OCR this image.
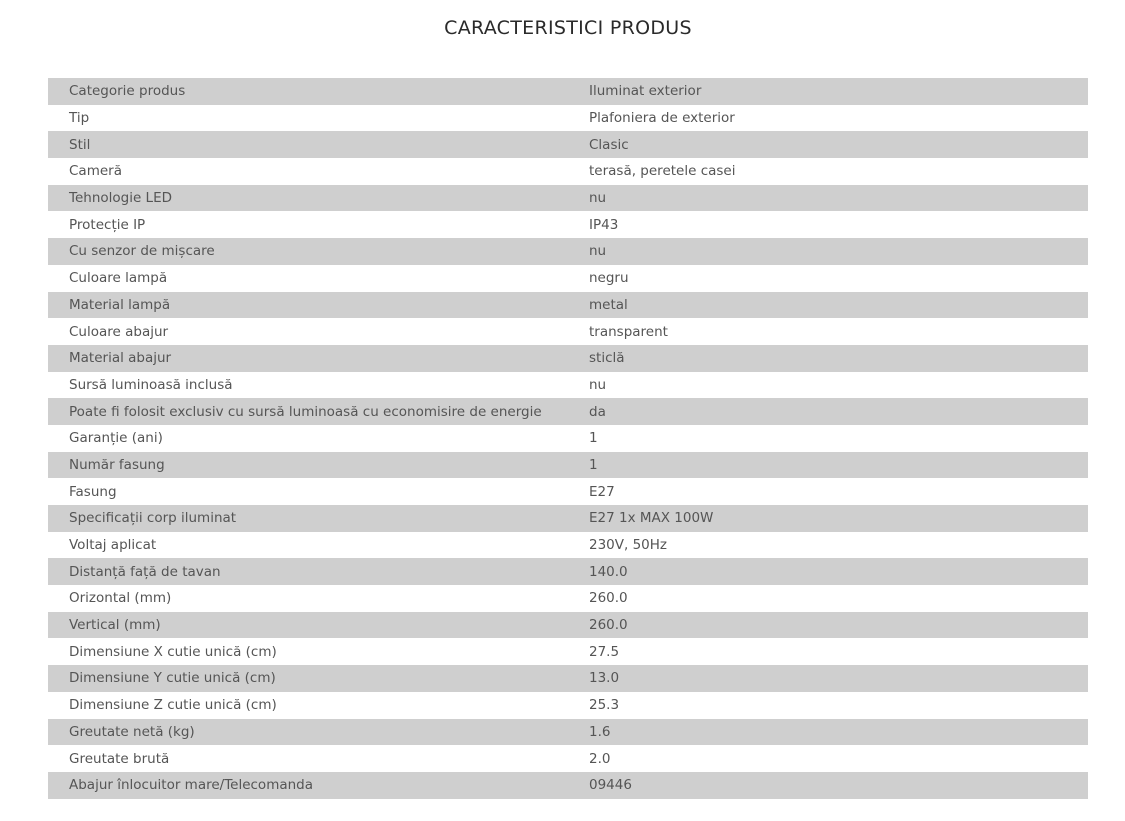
CARACTERISTICI PRODUS
Categorie produs	Iluminat exterior
Tip	Plafoniera de exterior
Stil	Clasic
Cameră	terasă, peretele casei
Tehnologie LED	nu
Protecție IP	IP43
Cu senzor de mișcare	nu
Culoare lampă	negru
Material lampă	metal
Culoare abajur	transparent
Material abajur	sticlă
Sursă luminoasă inclusă	nu
Poate fi folosit exclusiv cu sursă luminoasă cu economisire de energie	da
Garanție (ani)	1
Număr fasung	1
Fasung	E27
Specificații corp iluminat	E27 1x MAX 100W
Voltaj aplicat	230V, 50Hz
Distanță față de tavan	140.0
Orizontal (mm)	260.0
Vertical (mm)	260.0
Dimensiune X cutie unică (cm)	27.5
Dimensiune Y cutie unică (cm)	13.0
Dimensiune Z cutie unică (cm)	25.3
Greutate netă (kg)	1.6
Greutate brută	2.0
Abajur înlocuitor mare/Telecomanda	09446
